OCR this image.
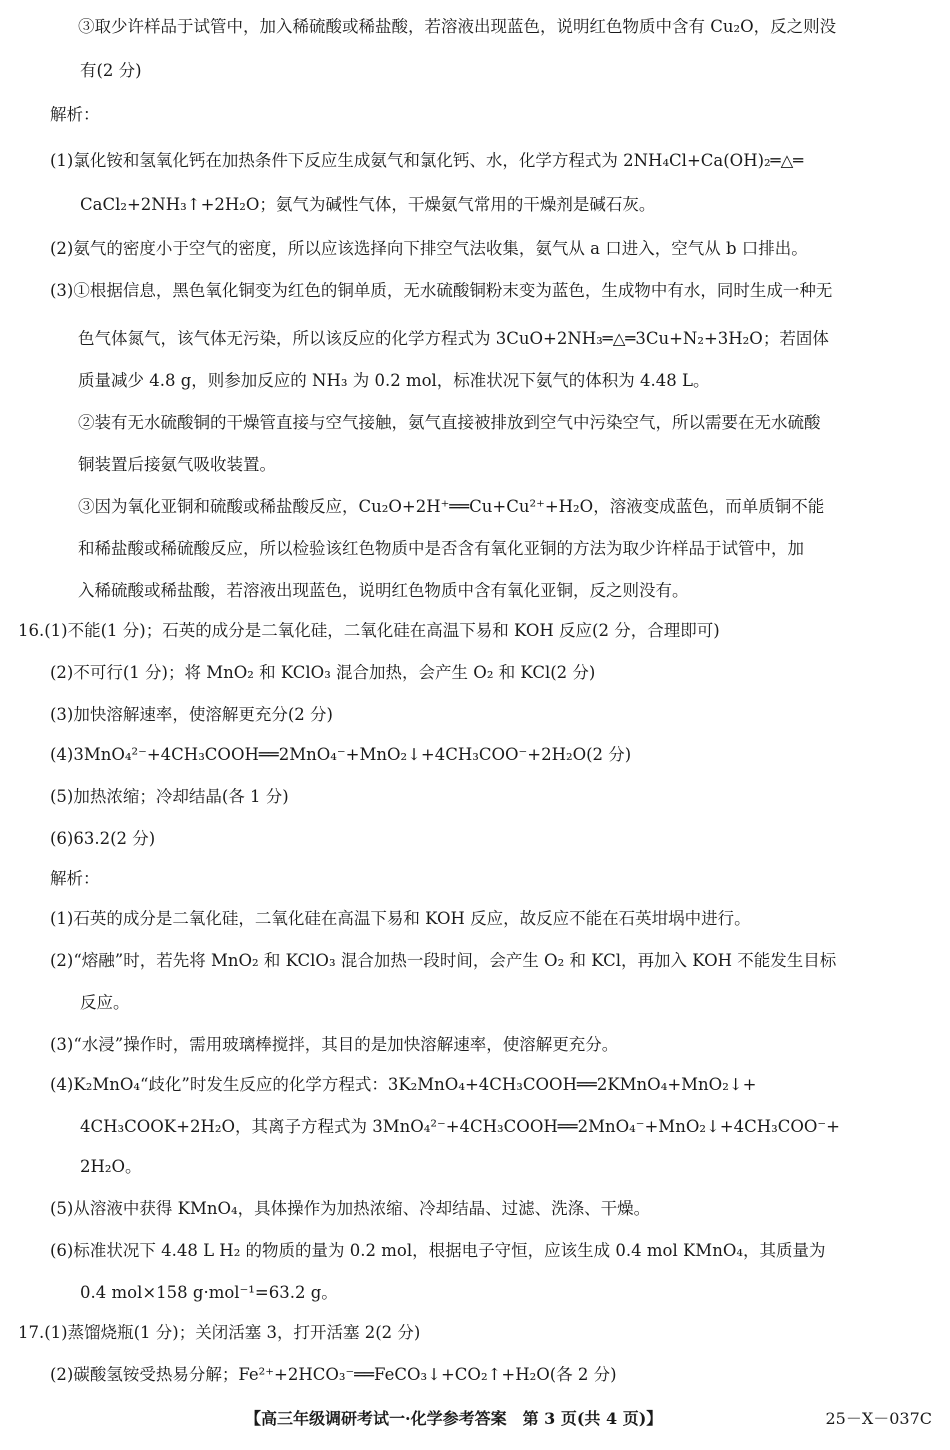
③取少许样品于试管中，加入稀硫酸或稀盐酸，若溶液出现蓝色，说明红色物质中含有 Cu₂O，反之则没
有(2 分)
解析：
(1)氯化铵和氢氧化钙在加热条件下反应生成氨气和氯化钙、水，化学方程式为 2NH₄Cl+Ca(OH)₂═△═
CaCl₂+2NH₃↑+2H₂O；氨气为碱性气体，干燥氨气常用的干燥剂是碱石灰。
(2)氨气的密度小于空气的密度，所以应该选择向下排空气法收集，氨气从 a 口进入，空气从 b 口排出。
(3)①根据信息，黑色氧化铜变为红色的铜单质，无水硫酸铜粉末变为蓝色，生成物中有水，同时生成一种无
色气体氮气，该气体无污染，所以该反应的化学方程式为 3CuO+2NH₃═△═3Cu+N₂+3H₂O；若固体
质量减少 4.8 g，则参加反应的 NH₃ 为 0.2 mol，标准状况下氨气的体积为 4.48 L。
②装有无水硫酸铜的干燥管直接与空气接触，氨气直接被排放到空气中污染空气，所以需要在无水硫酸
铜装置后接氨气吸收装置。
③因为氧化亚铜和硫酸或稀盐酸反应，Cu₂O+2H⁺══Cu+Cu²⁺+H₂O，溶液变成蓝色，而单质铜不能
和稀盐酸或稀硫酸反应，所以检验该红色物质中是否含有氧化亚铜的方法为取少许样品于试管中，加
入稀硫酸或稀盐酸，若溶液出现蓝色，说明红色物质中含有氧化亚铜，反之则没有。
16.(1)不能(1 分)；石英的成分是二氧化硅，二氧化硅在高温下易和 KOH 反应(2 分，合理即可)
(2)不可行(1 分)；将 MnO₂ 和 KClO₃ 混合加热，会产生 O₂ 和 KCl(2 分)
(3)加快溶解速率，使溶解更充分(2 分)
(4)3MnO₄²⁻+4CH₃COOH══2MnO₄⁻+MnO₂↓+4CH₃COO⁻+2H₂O(2 分)
(5)加热浓缩；冷却结晶(各 1 分)
(6)63.2(2 分)
解析：
(1)石英的成分是二氧化硅，二氧化硅在高温下易和 KOH 反应，故反应不能在石英坩埚中进行。
(2)“熔融”时，若先将 MnO₂ 和 KClO₃ 混合加热一段时间，会产生 O₂ 和 KCl，再加入 KOH 不能发生目标
反应。
(3)“水浸”操作时，需用玻璃棒搅拌，其目的是加快溶解速率，使溶解更充分。
(4)K₂MnO₄“歧化”时发生反应的化学方程式：3K₂MnO₄+4CH₃COOH══2KMnO₄+MnO₂↓+
4CH₃COOK+2H₂O，其离子方程式为 3MnO₄²⁻+4CH₃COOH══2MnO₄⁻+MnO₂↓+4CH₃COO⁻+
2H₂O。
(5)从溶液中获得 KMnO₄，具体操作为加热浓缩、冷却结晶、过滤、洗涤、干燥。
(6)标准状况下 4.48 L H₂ 的物质的量为 0.2 mol，根据电子守恒，应该生成 0.4 mol KMnO₄，其质量为
0.4 mol×158 g·mol⁻¹=63.2 g。
17.(1)蒸馏烧瓶(1 分)；关闭活塞 3，打开活塞 2(2 分)
(2)碳酸氢铵受热易分解；Fe²⁺+2HCO₃⁻══FeCO₃↓+CO₂↑+H₂O(各 2 分)
【高三年级调研考试一·化学参考答案　第 3 页(共 4 页)】	25－X－037C
